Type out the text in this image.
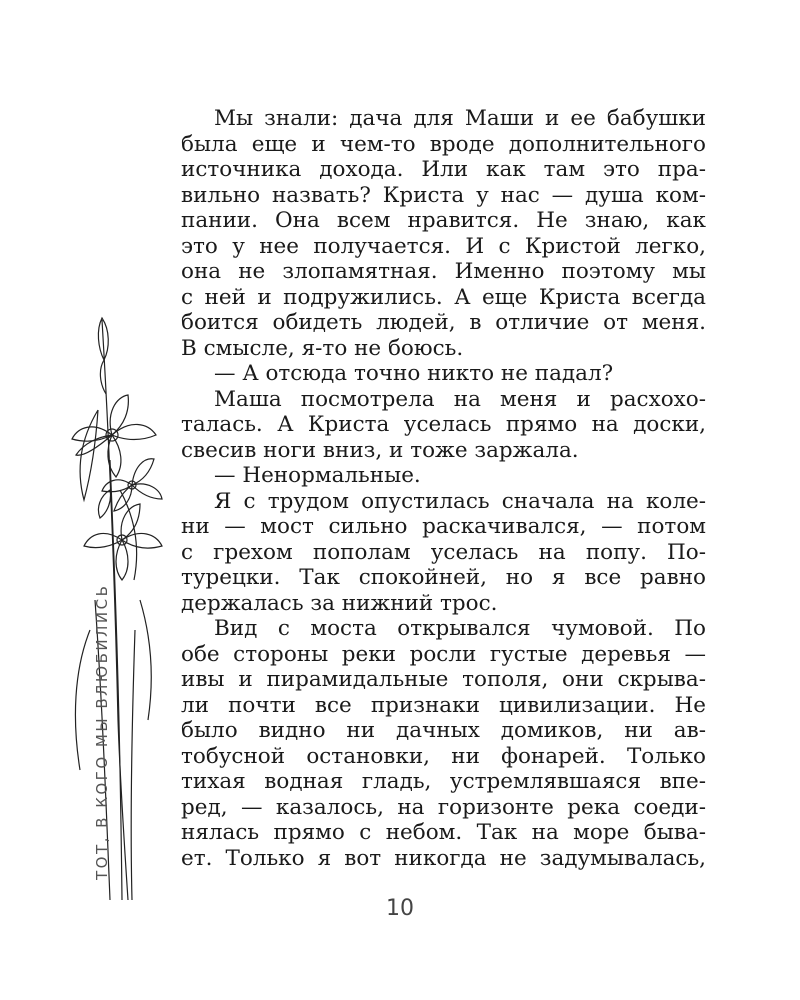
ТОТ, В КОГО МЫ ВЛЮБИЛИСЬ
Мы знали: дача для Маши и ее бабушки
была еще и чем-то вроде дополнительного
источника дохода. Или как там это пра-
вильно назвать? Криста у нас — душа ком-
пании. Она всем нравится. Не знаю, как
это у нее получается. И с Кристой легко,
она не злопамятная. Именно поэтому мы
с ней и подружились. А еще Криста всегда
боится обидеть людей, в отличие от меня.
В смысле, я-то не боюсь.
— А отсюда точно никто не падал?
Маша посмотрела на меня и расхохо-
талась. А Криста уселась прямо на доски,
свесив ноги вниз, и тоже заржала.
— Ненормальные.
Я с трудом опустилась сначала на коле-
ни — мост сильно раскачивался, — потом
с грехом пополам уселась на попу. По-
турецки. Так спокойней, но я все равно
держалась за нижний трос.
Вид с моста открывался чумовой. По
обе стороны реки росли густые деревья —
ивы и пирамидальные тополя, они скрыва-
ли почти все признаки цивилизации. Не
было видно ни дачных домиков, ни ав-
тобусной остановки, ни фонарей. Только
тихая водная гладь, устремлявшаяся впе-
ред, — казалось, на горизонте река соеди-
нялась прямо с небом. Так на море быва-
ет. Только я вот никогда не задумывалась,
10
